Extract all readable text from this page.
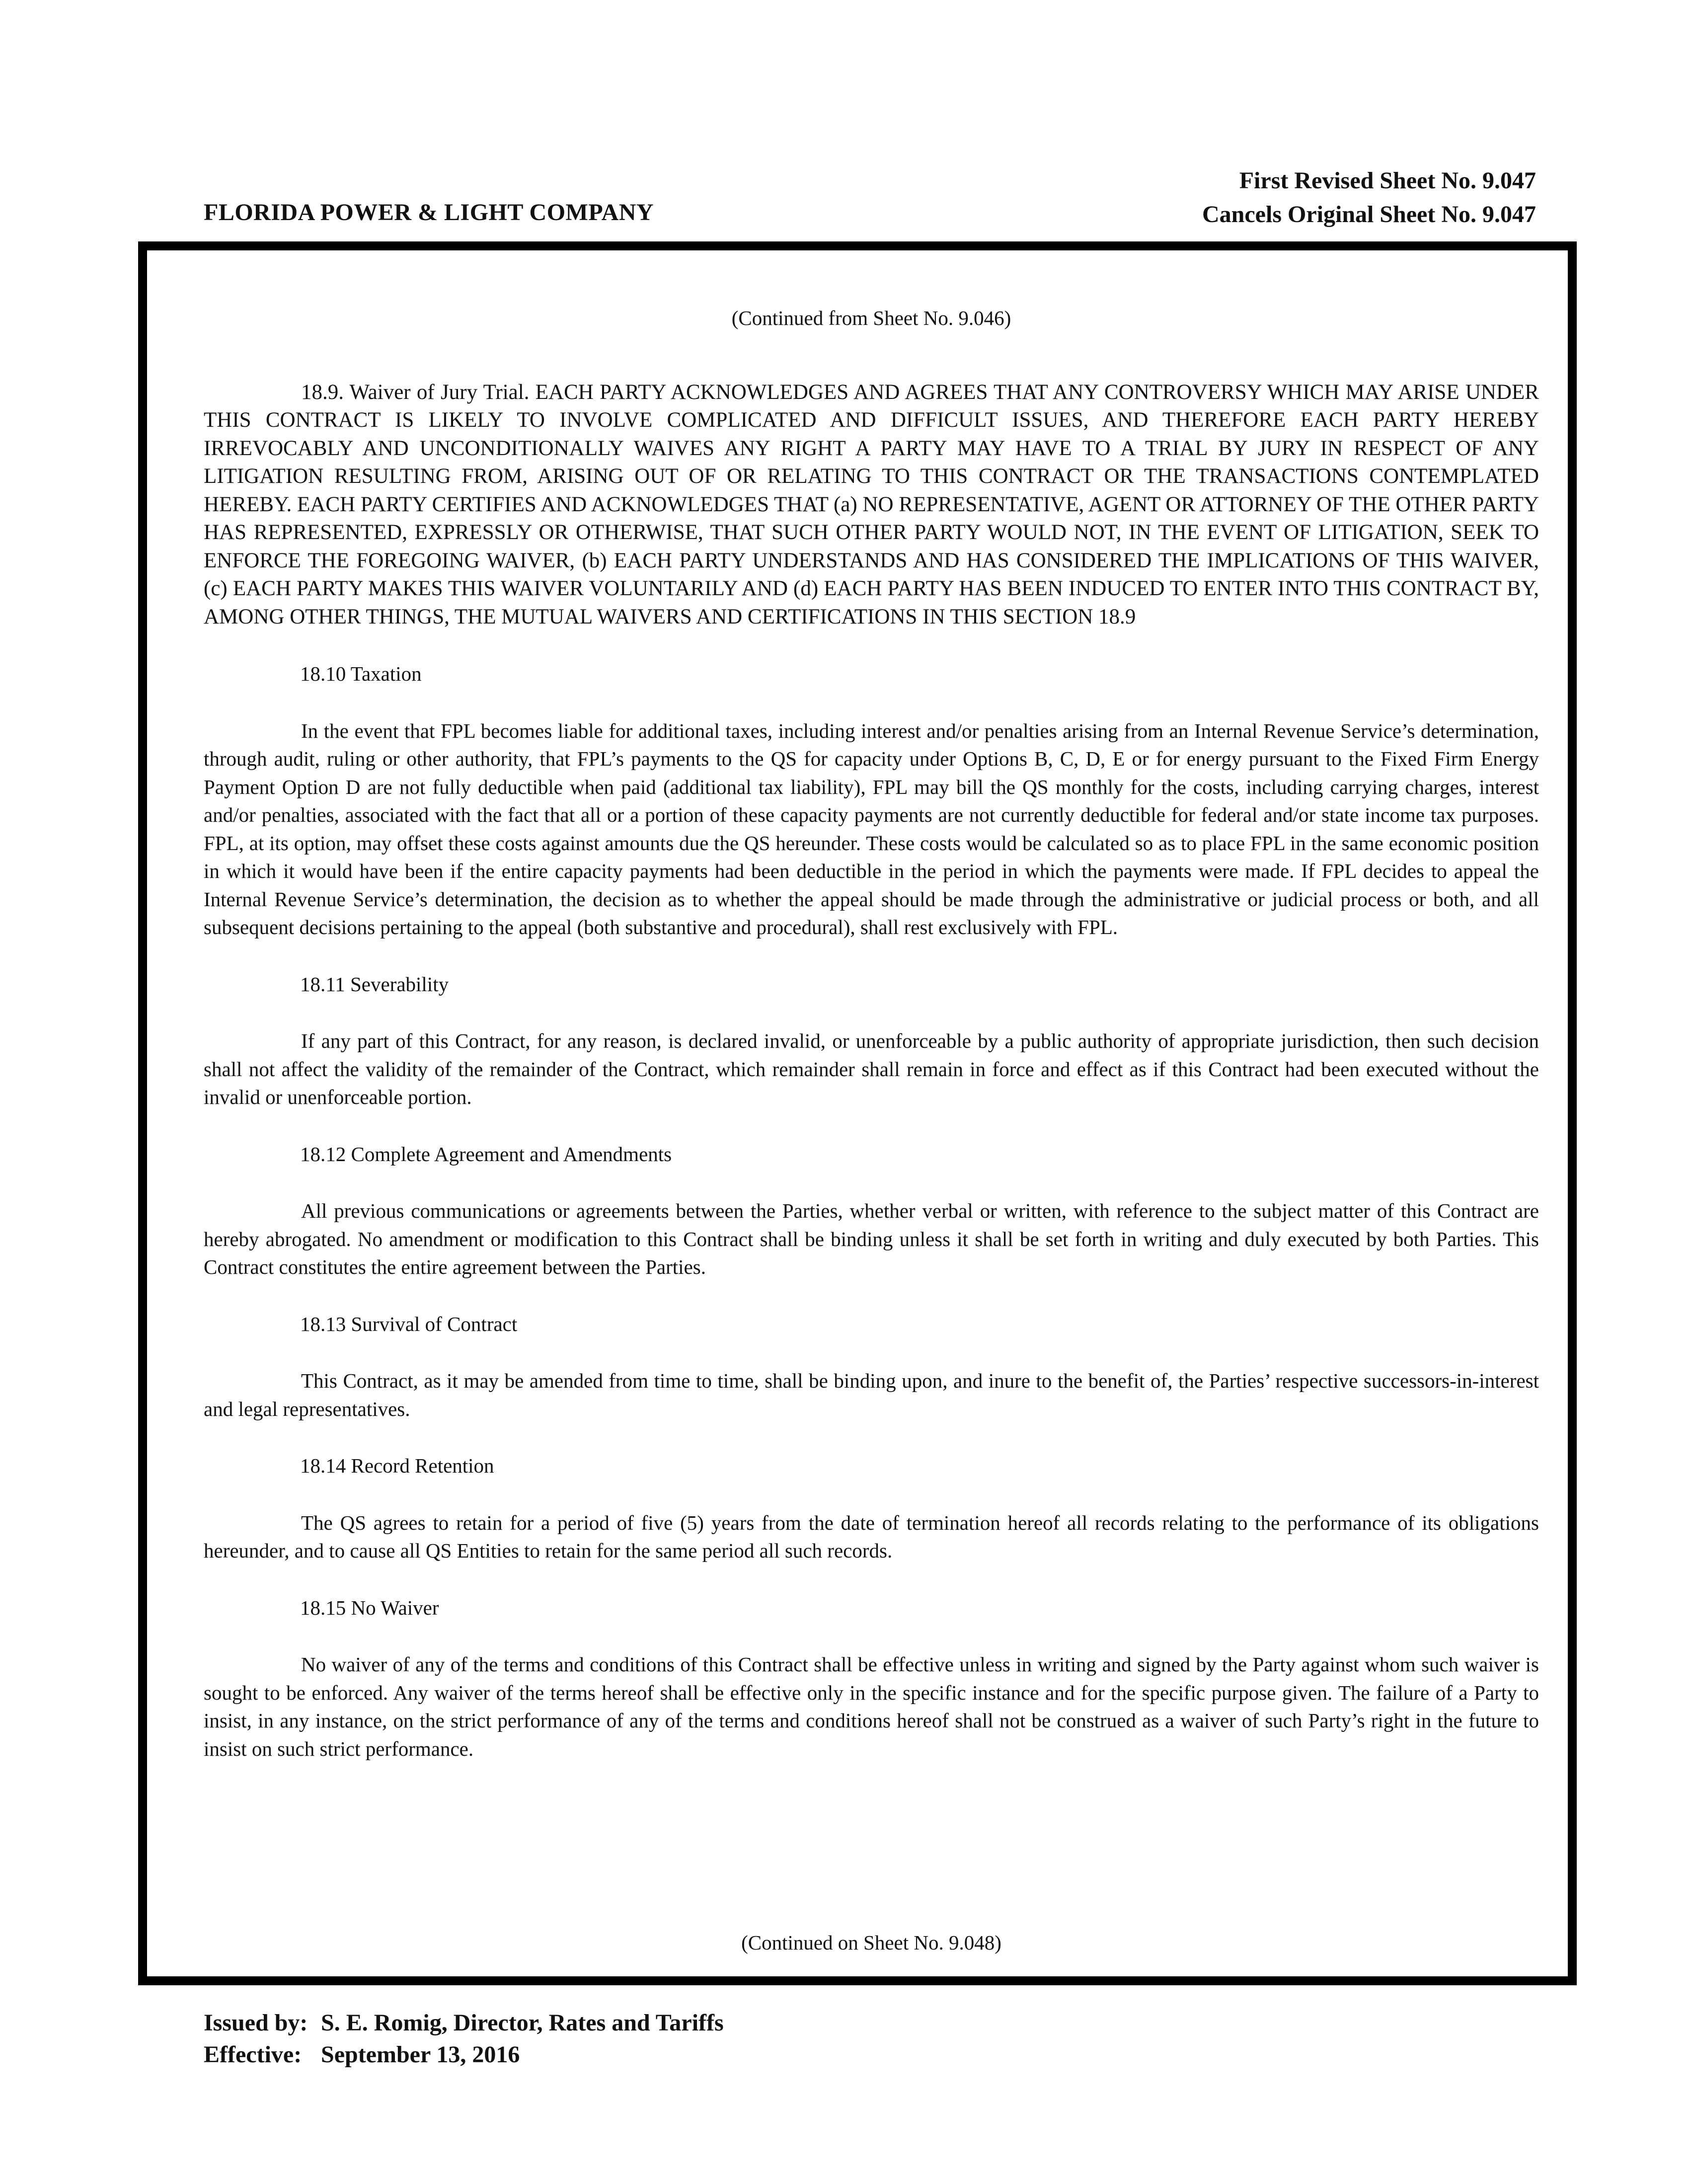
FLORIDA POWER & LIGHT COMPANY
First Revised Sheet No. 9.047
Cancels Original Sheet No. 9.047
(Continued from Sheet No. 9.046)

18.9. Waiver of Jury Trial. EACH PARTY ACKNOWLEDGES AND AGREES THAT ANY CONTROVERSY WHICH MAY ARISE UNDER THIS CONTRACT IS LIKELY TO INVOLVE COMPLICATED AND DIFFICULT ISSUES, AND THEREFORE EACH PARTY HEREBY IRREVOCABLY AND UNCONDITIONALLY WAIVES ANY RIGHT A PARTY MAY HAVE TO A TRIAL BY JURY IN RESPECT OF ANY LITIGATION RESULTING FROM, ARISING OUT OF OR RELATING TO THIS CONTRACT OR THE TRANSACTIONS CONTEMPLATED HEREBY. EACH PARTY CERTIFIES AND ACKNOWLEDGES THAT (a) NO REPRESENTATIVE, AGENT OR ATTORNEY OF THE OTHER PARTY HAS REPRESENTED, EXPRESSLY OR OTHERWISE, THAT SUCH OTHER PARTY WOULD NOT, IN THE EVENT OF LITIGATION, SEEK TO ENFORCE THE FOREGOING WAIVER, (b) EACH PARTY UNDERSTANDS AND HAS CONSIDERED THE IMPLICATIONS OF THIS WAIVER, (c) EACH PARTY MAKES THIS WAIVER VOLUNTARILY AND (d) EACH PARTY HAS BEEN INDUCED TO ENTER INTO THIS CONTRACT BY, AMONG OTHER THINGS, THE MUTUAL WAIVERS AND CERTIFICATIONS IN THIS SECTION 18.9

18.10 Taxation

In the event that FPL becomes liable for additional taxes, including interest and/or penalties arising from an Internal Revenue Service’s determination, through audit, ruling or other authority, that FPL’s payments to the QS for capacity under Options B, C, D, E or for energy pursuant to the Fixed Firm Energy Payment Option D are not fully deductible when paid (additional tax liability), FPL may bill the QS monthly for the costs, including carrying charges, interest and/or penalties, associated with the fact that all or a portion of these capacity payments are not currently deductible for federal and/or state income tax purposes. FPL, at its option, may offset these costs against amounts due the QS hereunder. These costs would be calculated so as to place FPL in the same economic position in which it would have been if the entire capacity payments had been deductible in the period in which the payments were made. If FPL decides to appeal the Internal Revenue Service’s determination, the decision as to whether the appeal should be made through the administrative or judicial process or both, and all subsequent decisions pertaining to the appeal (both substantive and procedural), shall rest exclusively with FPL.

18.11 Severability

If any part of this Contract, for any reason, is declared invalid, or unenforceable by a public authority of appropriate jurisdiction, then such decision shall not affect the validity of the remainder of the Contract, which remainder shall remain in force and effect as if this Contract had been executed without the invalid or unenforceable portion.

18.12 Complete Agreement and Amendments

All previous communications or agreements between the Parties, whether verbal or written, with reference to the subject matter of this Contract are hereby abrogated. No amendment or modification to this Contract shall be binding unless it shall be set forth in writing and duly executed by both Parties. This Contract constitutes the entire agreement between the Parties.

18.13 Survival of Contract

This Contract, as it may be amended from time to time, shall be binding upon, and inure to the benefit of, the Parties’ respective successors-in-interest and legal representatives.

18.14 Record Retention

The QS agrees to retain for a period of five (5) years from the date of termination hereof all records relating to the performance of its obligations hereunder, and to cause all QS Entities to retain for the same period all such records.

18.15 No Waiver

No waiver of any of the terms and conditions of this Contract shall be effective unless in writing and signed by the Party against whom such waiver is sought to be enforced. Any waiver of the terms hereof shall be effective only in the specific instance and for the specific purpose given. The failure of a Party to insist, in any instance, on the strict performance of any of the terms and conditions hereof shall not be construed as a waiver of such Party’s right in the future to insist on such strict performance.

(Continued on Sheet No. 9.048)
Issued by: S. E. Romig, Director, Rates and Tariffs
Effective: September 13, 2016
